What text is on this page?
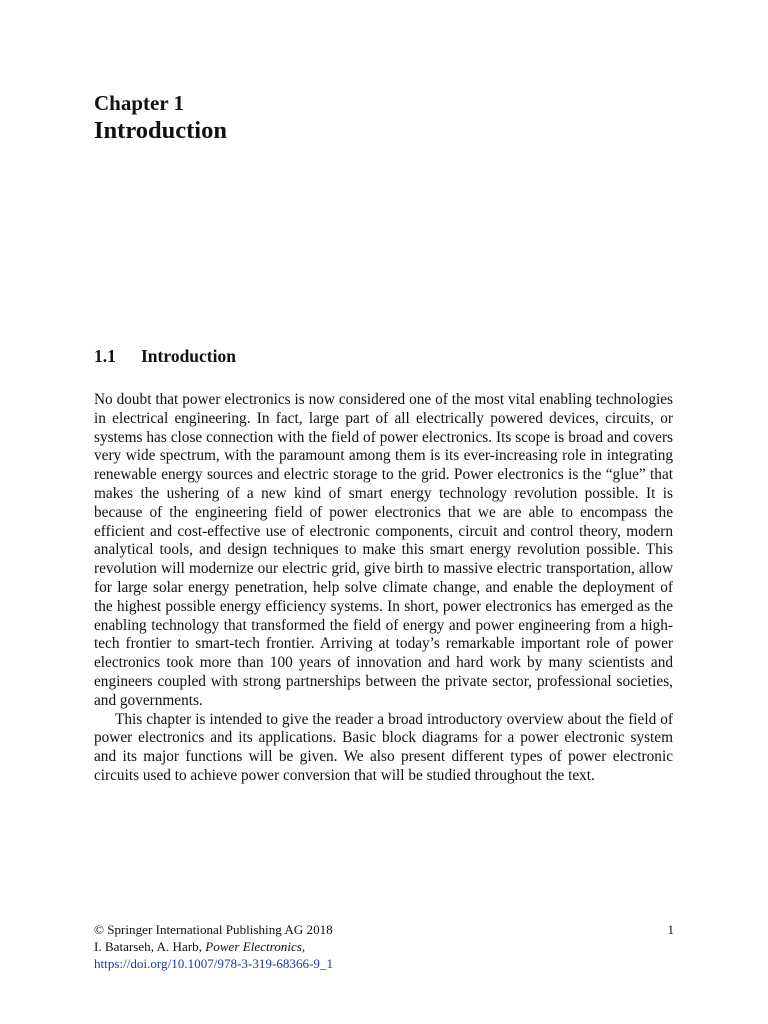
Chapter 1
Introduction
1.1 Introduction

No doubt that power electronics is now considered one of the most vital enabling technologies in electrical engineering. In fact, large part of all electrically powered devices, circuits, or systems has close connection with the field of power electronics. Its scope is broad and covers very wide spectrum, with the paramount among them is its ever-increasing role in integrating renewable energy sources and electric storage to the grid. Power electronics is the “glue” that makes the ushering of a new kind of smart energy technology revolution possible. It is because of the engineering field of power electronics that we are able to encompass the efficient and cost-effective use of electronic components, circuit and control theory, modern analytical tools, and design techniques to make this smart energy revolution possible. This revolution will modernize our electric grid, give birth to massive electric transportation, allow for large solar energy penetration, help solve climate change, and enable the deployment of the highest possible energy efficiency systems. In short, power electronics has emerged as the enabling technology that transformed the field of energy and power engineering from a high-tech frontier to smart-tech frontier. Arriving at today’s remarkable important role of power electronics took more than 100 years of innovation and hard work by many scientists and engineers coupled with strong partnerships between the private sector, professional societies, and governments.

This chapter is intended to give the reader a broad introductory overview about the field of power electronics and its applications. Basic block diagrams for a power electronic system and its major functions will be given. We also present different types of power electronic circuits used to achieve power conversion that will be studied throughout the text.

© Springer International Publishing AG 2018	1
I. Batarseh, A. Harb, Power Electronics,
https://doi.org/10.1007/978-3-319-68366-9_1
